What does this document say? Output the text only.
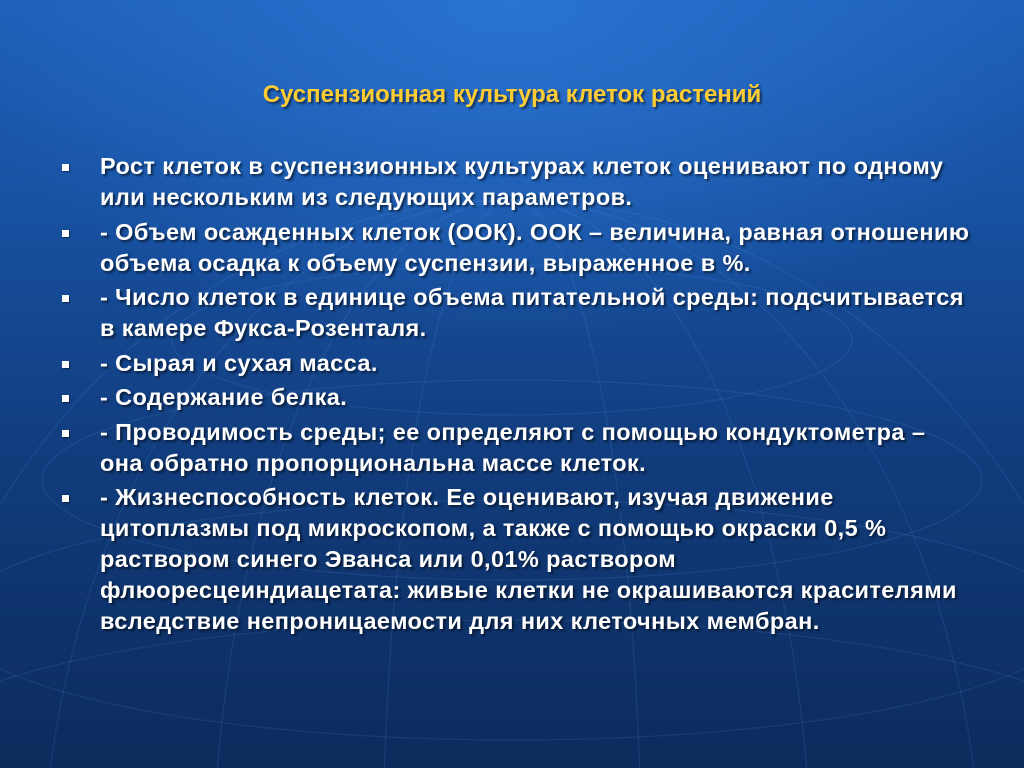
Суспензионная культура клеток растений
Рост клеток в суспензионных культурах клеток оценивают по одному или нескольким из следующих параметров.
- Объем осажденных клеток (ООК). ООК – величина, равная отношению объема осадка к объему суспензии, выраженное в %.
- Число клеток в единице объема питательной среды: подсчитывается в камере Фукса-Розенталя.
- Сырая и сухая масса.
- Содержание белка.
- Проводимость среды; ее определяют с помощью кондуктометра – она обратно пропорциональна массе клеток.
- Жизнеспособность клеток. Ее оценивают, изучая движение цитоплазмы под микроскопом, а также с помощью окраски 0,5 % раствором синего Эванса или 0,01% раствором флюоресцеиндиацетата: живые клетки не окрашиваются красителями вследствие непроницаемости для них клеточных мембран.
